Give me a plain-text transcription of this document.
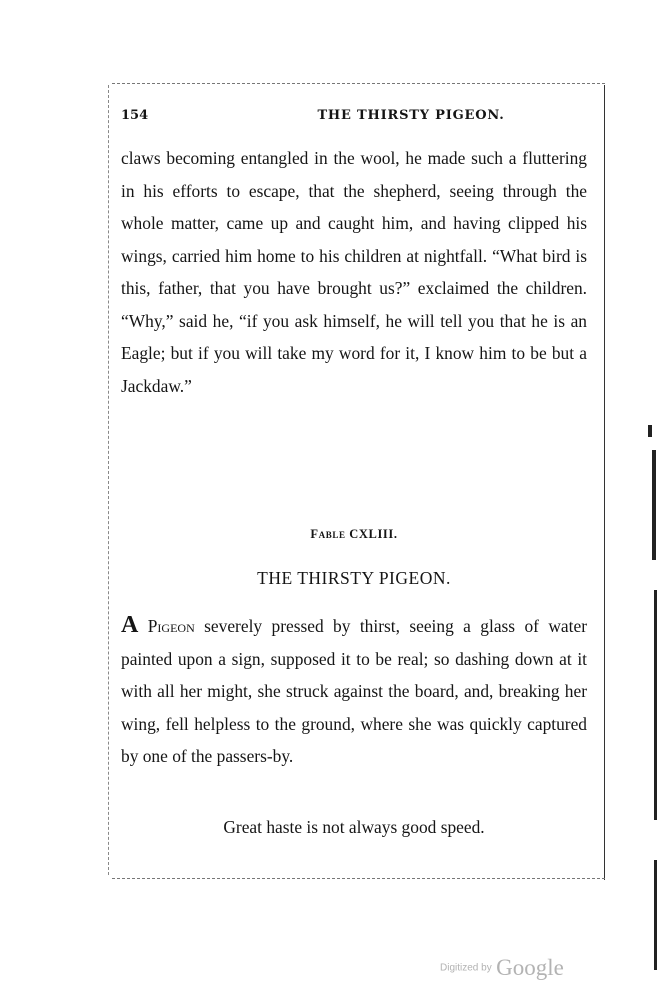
154	THE THIRSTY PIGEON.

claws becoming entangled in the wool, he made such a fluttering in his efforts to escape, that the shepherd, seeing through the whole matter, came up and caught him, and having clipped his wings, carried him home to his children at nightfall. “What bird is this, father, that you have brought us?” exclaimed the children. “Why,” said he, “if you ask himself, he will tell you that he is an Eagle; but if you will take my word for it, I know him to be but a Jackdaw.”

Fable CXLIII.
THE THIRSTY PIGEON.

A Pigeon severely pressed by thirst, seeing a glass of water painted upon a sign, supposed it to be real; so dashing down at it with all her might, she struck against the board, and, breaking her wing, fell helpless to the ground, where she was quickly captured by one of the passers-by.

Great haste is not always good speed.
Digitized by Google
